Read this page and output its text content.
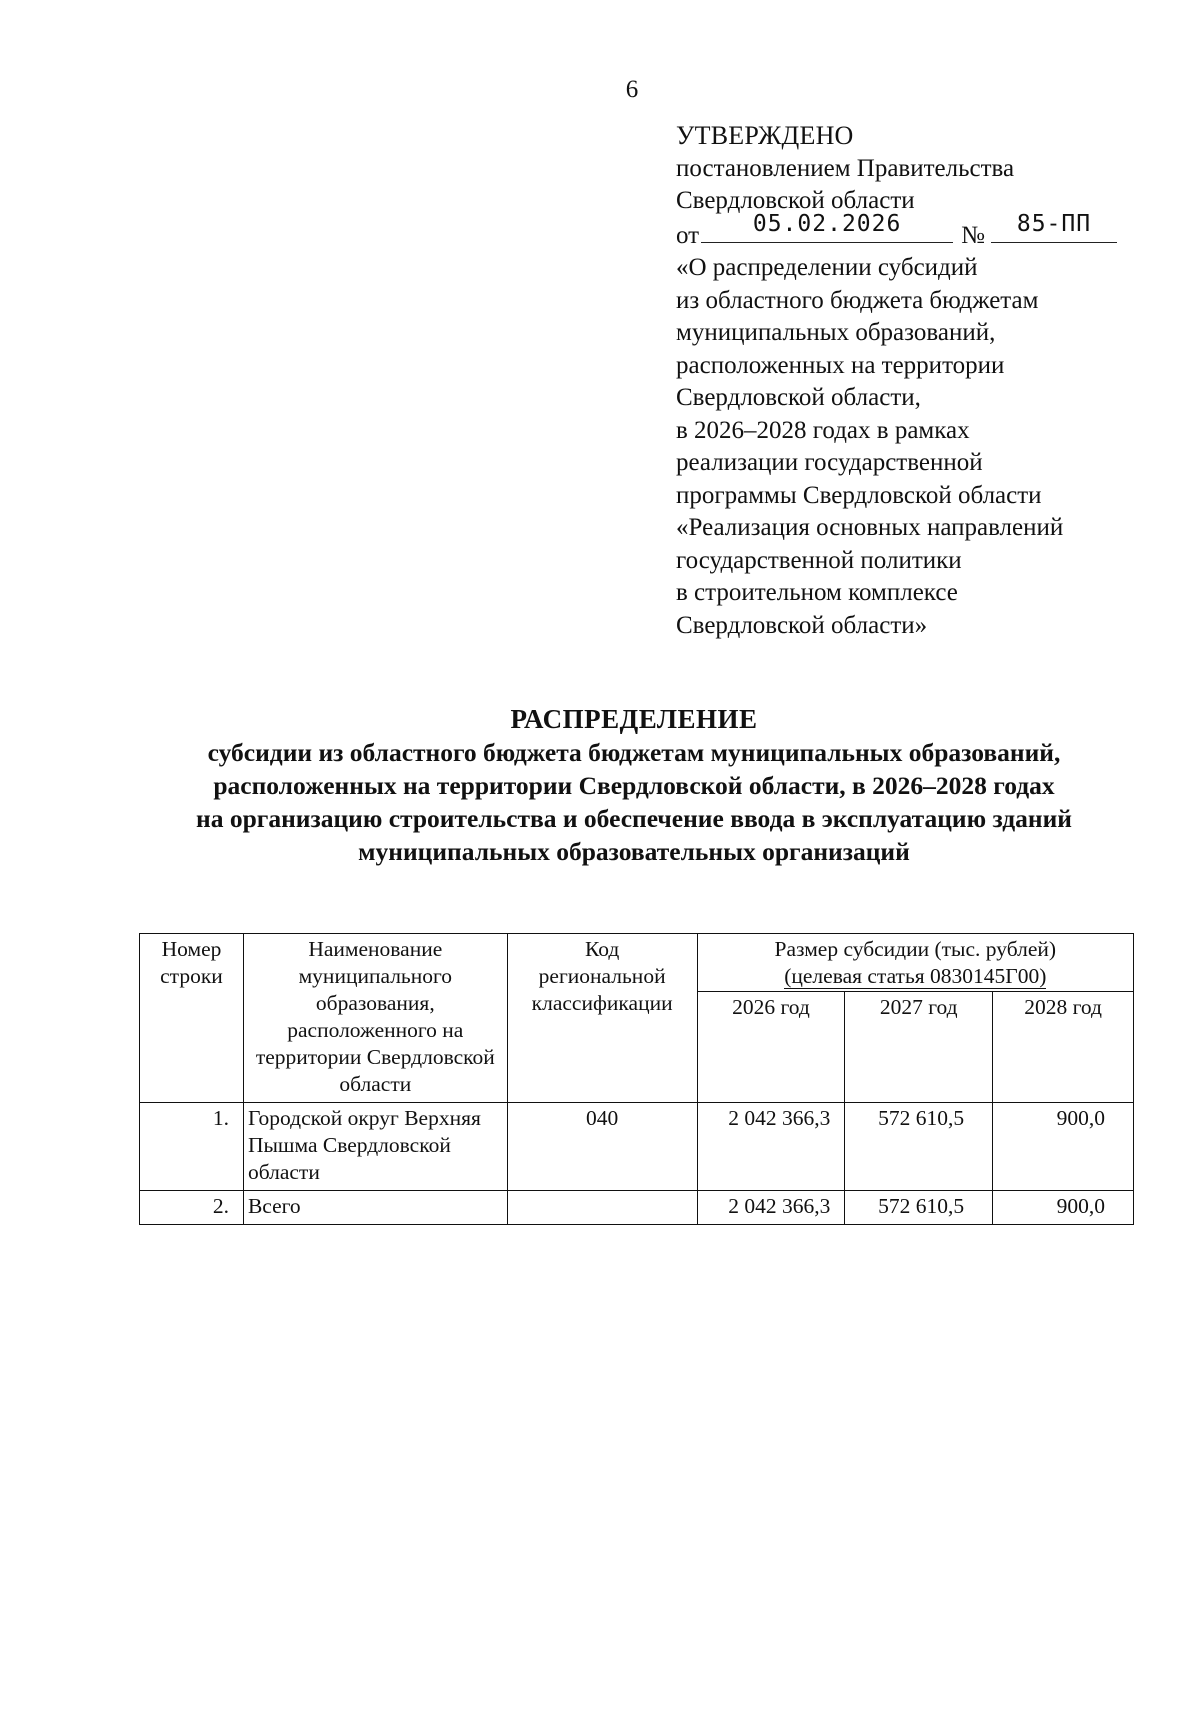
6
УТВЕРЖДЕНО
постановлением Правительства
Свердловской области
от	05.02.2026	№	85-ПП
«О распределении субсидий
из областного бюджета бюджетам
муниципальных образований,
расположенных на территории
Свердловской области,
в 2026–2028 годах в рамках
реализации государственной
программы Свердловской области
«Реализация основных направлений
государственной политики
в строительном комплексе
Свердловской области»
РАСПРЕДЕЛЕНИЕ
субсидии из областного бюджета бюджетам муниципальных образований,
расположенных на территории Свердловской области, в 2026–2028 годах
на организацию строительства и обеспечение ввода в эксплуатацию зданий
муниципальных образовательных организаций
Номер строки	Наименование муниципального образования, расположенного на территории Свердловской области	Код региональной классификации	Размер субсидии (тыс. рублей)
(целевая статья 0830145Г00)		
			2026 год	2027 год	2028 год
1.	Городской округ Верхняя Пышма Свердловской области	040	2 042 366,3	572 610,5	900,0
2.	Всего		2 042 366,3	572 610,5	900,0
